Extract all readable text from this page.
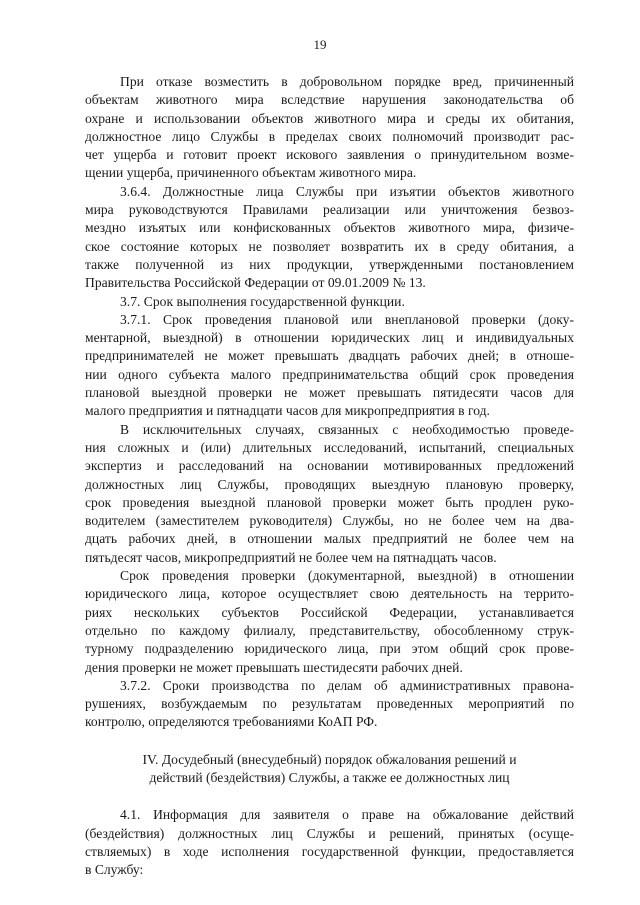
19
При отказе возместить в добровольном порядке вред, причиненный
объектам животного мира вследствие нарушения законодательства об
охране и использовании объектов животного мира и среды их обитания,
должностное лицо Службы в пределах своих полномочий производит рас-
чет ущерба и готовит проект искового заявления о принудительном возме-
щении ущерба, причиненного объектам животного мира.
3.6.4. Должностные лица Службы при изъятии объектов животного
мира руководствуются Правилами реализации или уничтожения безвоз-
мездно изъятых или конфискованных объектов животного мира, физиче-
ское состояние которых не позволяет возвратить их в среду обитания, а
также полученной из них продукции, утвержденными постановлением
Правительства Российской Федерации от 09.01.2009 № 13.
3.7. Срок выполнения государственной функции.
3.7.1. Срок проведения плановой или внеплановой проверки (доку-
ментарной, выездной) в отношении юридических лиц и индивидуальных
предпринимателей не может превышать двадцать рабочих дней; в отноше-
нии одного субъекта малого предпринимательства общий срок проведения
плановой выездной проверки не может превышать пятидесяти часов для
малого предприятия и пятнадцати часов для микропредприятия в год.
В исключительных случаях, связанных с необходимостью проведе-
ния сложных и (или) длительных исследований, испытаний, специальных
экспертиз и расследований на основании мотивированных предложений
должностных лиц Службы, проводящих выездную плановую проверку,
срок проведения выездной плановой проверки может быть продлен руко-
водителем (заместителем руководителя) Службы, но не более чем на два-
дцать рабочих дней, в отношении малых предприятий не более чем на
пятьдесят часов, микропредприятий не более чем на пятнадцать часов.
Срок проведения проверки (документарной, выездной) в отношении
юридического лица, которое осуществляет свою деятельность на террито-
риях нескольких субъектов Российской Федерации, устанавливается
отдельно по каждому филиалу, представительству, обособленному струк-
турному подразделению юридического лица, при этом общий срок прове-
дения проверки не может превышать шестидесяти рабочих дней.
3.7.2. Сроки производства по делам об административных правона-
рушениях, возбуждаемым по результатам проведенных мероприятий по
контролю, определяются требованиями КоАП РФ.
IV. Досудебный (внесудебный) порядок обжалования решений и
действий (бездействия) Службы, а также ее должностных лиц
4.1. Информация для заявителя о праве на обжалование действий
(бездействия) должностных лиц Службы и решений, принятых (осуще-
ствляемых) в ходе исполнения государственной функции, предоставляется
в Службу:
